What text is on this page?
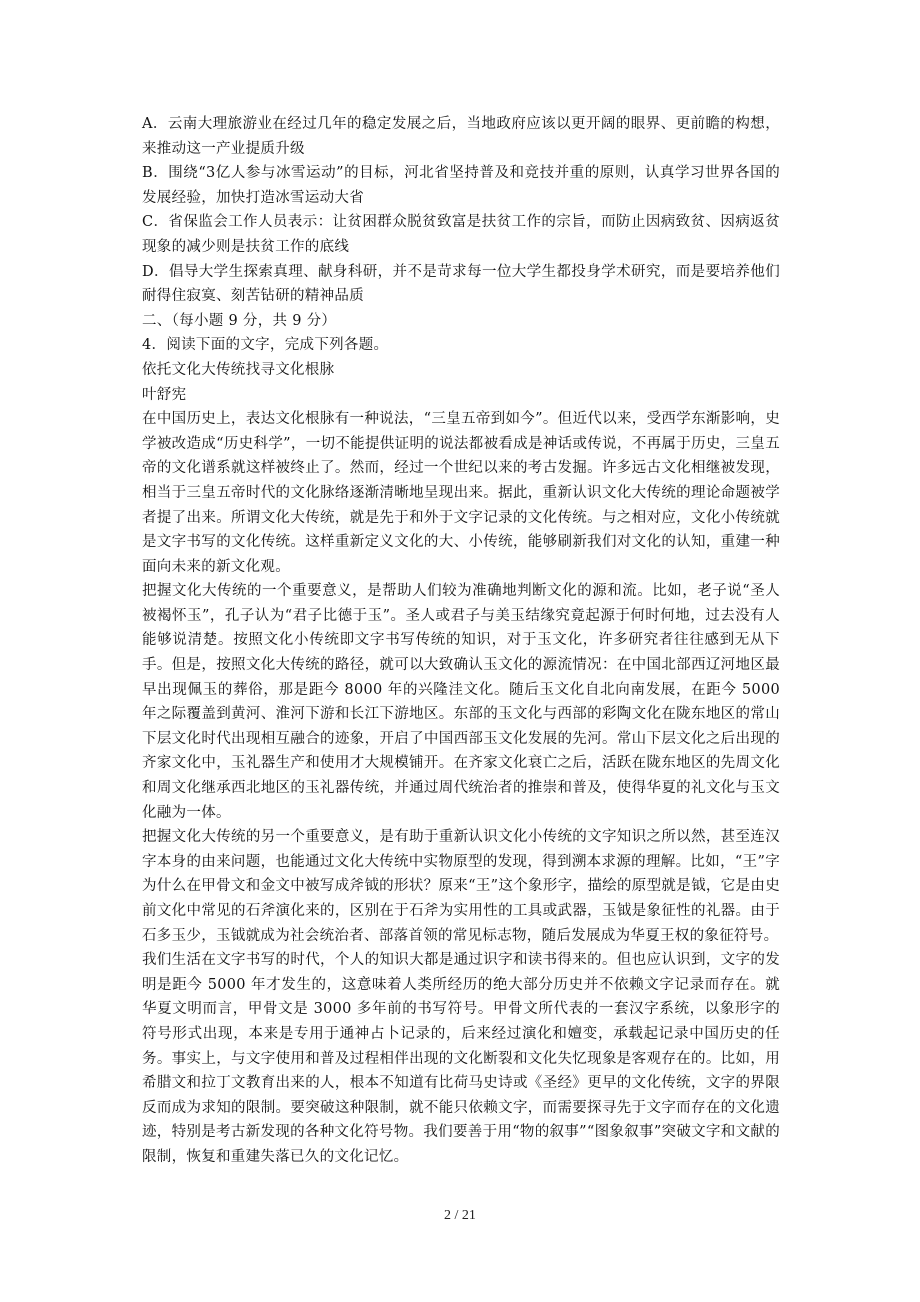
A．云南大理旅游业在经过几年的稳定发展之后，当地政府应该以更开阔的眼界、更前瞻的构想，来推动这一产业提质升级

B．围绕“3亿人参与冰雪运动”的目标，河北省坚持普及和竞技并重的原则，认真学习世界各国的发展经验，加快打造冰雪运动大省

C．省保监会工作人员表示：让贫困群众脱贫致富是扶贫工作的宗旨，而防止因病致贫、因病返贫现象的减少则是扶贫工作的底线

D．倡导大学生探索真理、献身科研，并不是苛求每一位大学生都投身学术研究，而是要培养他们耐得住寂寞、刻苦钻研的精神品质

二、（每小题 9 分，共 9 分）

4．阅读下面的文字，完成下列各题。

依托文化大传统找寻文化根脉

叶舒宪

在中国历史上，表达文化根脉有一种说法，“三皇五帝到如今”。但近代以来，受西学东渐影响，史学被改造成“历史科学”，一切不能提供证明的说法都被看成是神话或传说，不再属于历史，三皇五帝的文化谱系就这样被终止了。然而，经过一个世纪以来的考古发掘。许多远古文化相继被发现，相当于三皇五帝时代的文化脉络逐渐清晰地呈现出来。据此，重新认识文化大传统的理论命题被学者提了出来。所谓文化大传统，就是先于和外于文字记录的文化传统。与之相对应，文化小传统就是文字书写的文化传统。这样重新定义文化的大、小传统，能够刷新我们对文化的认知，重建一种面向未来的新文化观。

把握文化大传统的一个重要意义，是帮助人们较为准确地判断文化的源和流。比如，老子说“圣人被褐怀玉”，孔子认为“君子比德于玉”。圣人或君子与美玉结缘究竟起源于何时何地，过去没有人能够说清楚。按照文化小传统即文字书写传统的知识，对于玉文化，许多研究者往往感到无从下手。但是，按照文化大传统的路径，就可以大致确认玉文化的源流情况：在中国北部西辽河地区最早出现佩玉的葬俗，那是距今 8000 年的兴隆洼文化。随后玉文化自北向南发展，在距今 5000 年之际覆盖到黄河、淮河下游和长江下游地区。东部的玉文化与西部的彩陶文化在陇东地区的常山下层文化时代出现相互融合的迹象，开启了中国西部玉文化发展的先河。常山下层文化之后出现的齐家文化中，玉礼器生产和使用才大规模铺开。在齐家文化衰亡之后，活跃在陇东地区的先周文化和周文化继承西北地区的玉礼器传统，并通过周代统治者的推崇和普及，使得华夏的礼文化与玉文化融为一体。

把握文化大传统的另一个重要意义，是有助于重新认识文化小传统的文字知识之所以然，甚至连汉字本身的由来问题，也能通过文化大传统中实物原型的发现，得到溯本求源的理解。比如，“王”字为什么在甲骨文和金文中被写成斧钺的形状？原来“王”这个象形字，描绘的原型就是钺，它是由史前文化中常见的石斧演化来的，区别在于石斧为实用性的工具或武器，玉钺是象征性的礼器。由于石多玉少，玉钺就成为社会统治者、部落首领的常见标志物，随后发展成为华夏王权的象征符号。

我们生活在文字书写的时代，个人的知识大都是通过识字和读书得来的。但也应认识到，文字的发明是距今 5000 年才发生的，这意味着人类所经历的绝大部分历史并不依赖文字记录而存在。就华夏文明而言，甲骨文是 3000 多年前的书写符号。甲骨文所代表的一套汉字系统，以象形字的符号形式出现，本来是专用于通神占卜记录的，后来经过演化和嬗变，承载起记录中国历史的任务。事实上，与文字使用和普及过程相伴出现的文化断裂和文化失忆现象是客观存在的。比如，用希腊文和拉丁文教育出来的人，根本不知道有比荷马史诗或《圣经》更早的文化传统，文字的界限反而成为求知的限制。要突破这种限制，就不能只依赖文字，而需要探寻先于文字而存在的文化遗迹，特别是考古新发现的各种文化符号物。我们要善于用“物的叙事”“图象叙事”突破文字和文献的限制，恢复和重建失落已久的文化记忆。

2 / 21
